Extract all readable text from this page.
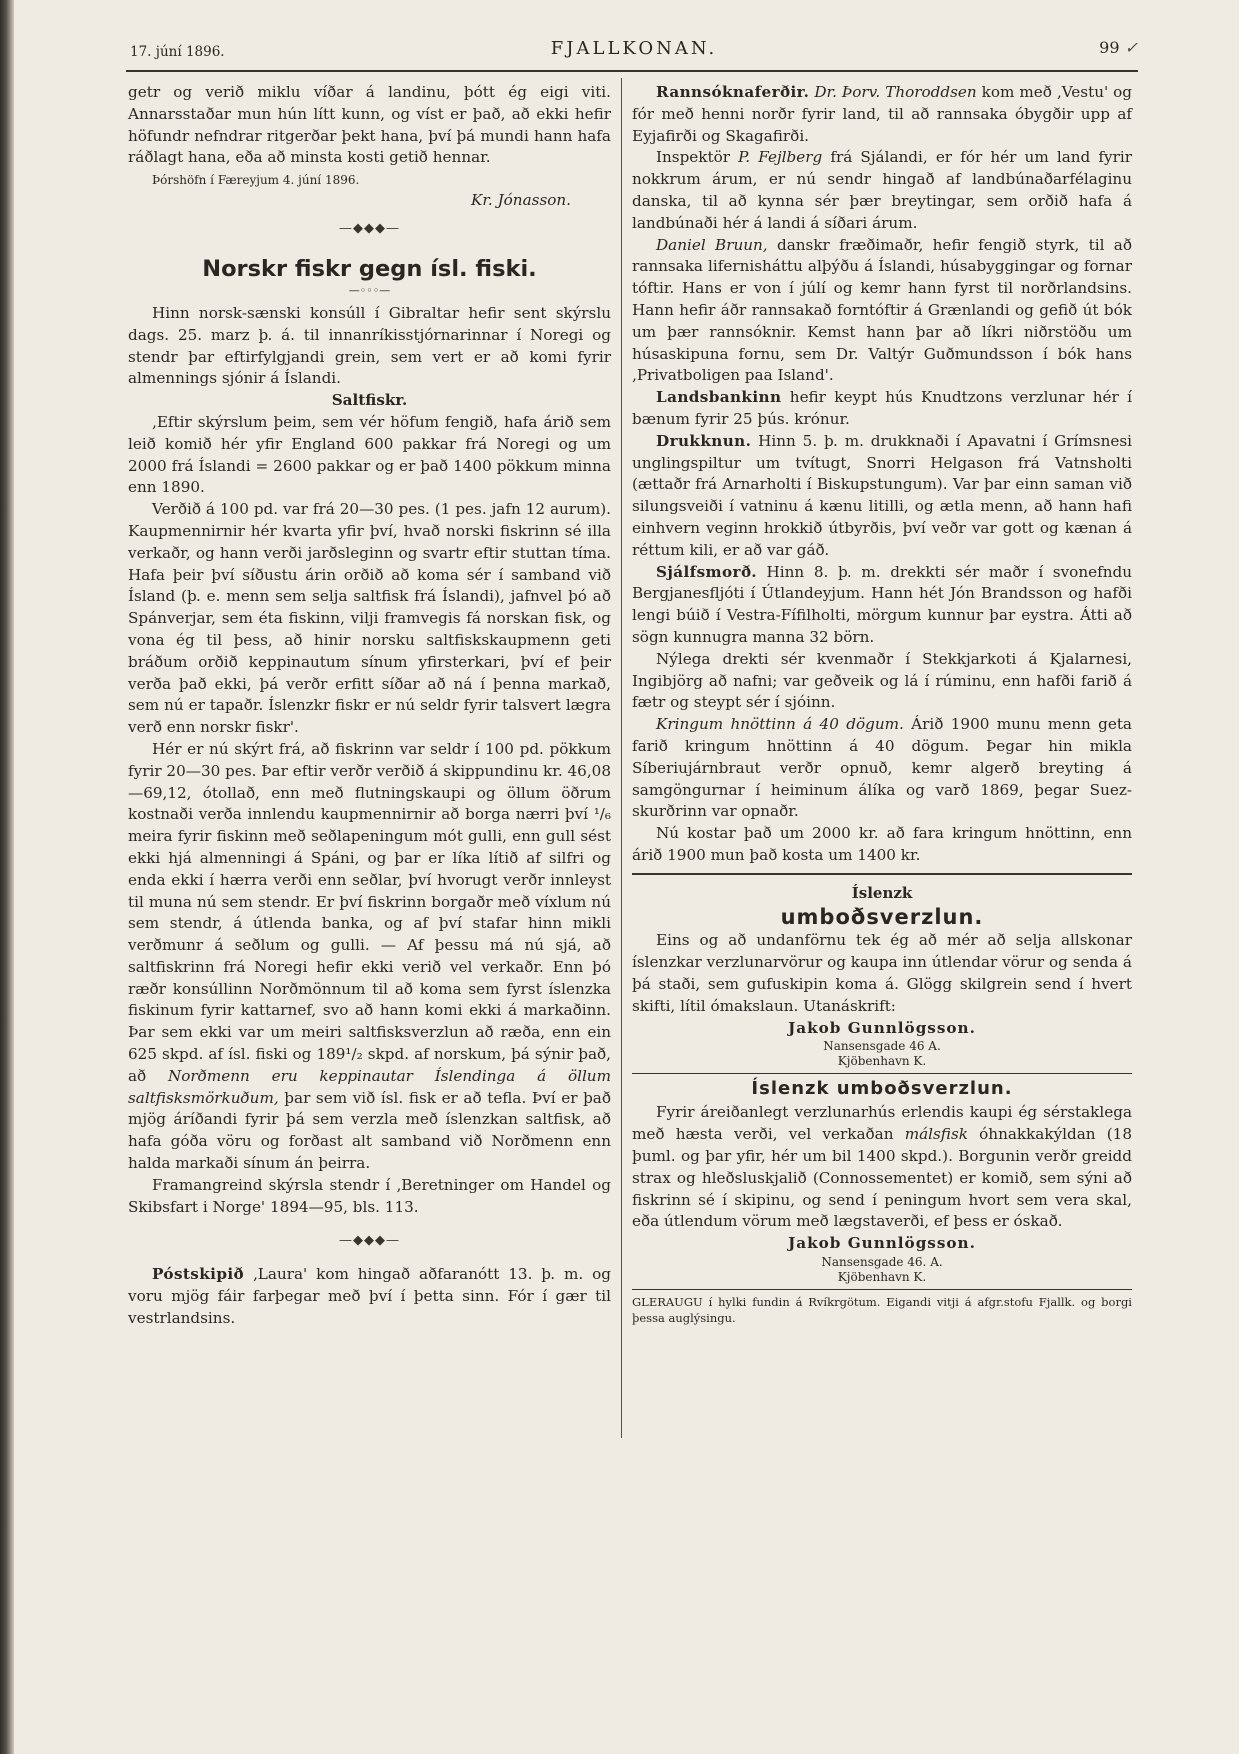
17. júní 1896.	FJALLKONAN.	99 ✓

getr og verið miklu víðar á landinu, þótt ég eigi viti. Annarsstaðar mun hún lítt kunn, og víst er það, að ekki hefir höfundr nefndrar ritgerðar þekt hana, því þá mundi hann hafa ráðlagt hana, eða að minsta kosti getið hennar.

Þórshöfn í Færeyjum 4. júní 1896.

Kr. Jónasson.

—◆◆◆—

Norskr fiskr gegn ísl. fiski.

—◦◦◦—

Hinn norsk-sænski konsúll í Gibraltar hefir sent skýrslu dags. 25. marz þ. á. til innanríkisstjórnarinnar í Noregi og stendr þar eftirfylgjandi grein, sem vert er að komi fyrir almennings sjónir á Íslandi.

Saltfiskr.

‚Eftir skýrslum þeim, sem vér höfum fengið, hafa árið sem leið komið hér yfir England 600 pakkar frá Noregi og um 2000 frá Íslandi = 2600 pakkar og er það 1400 pökkum minna enn 1890.

Verðið á 100 pd. var frá 20—30 pes. (1 pes. jafn 12 aurum). Kaupmennirnir hér kvarta yfir því, hvað norski fiskrinn sé illa verkaðr, og hann verði jarðsleginn og svartr eftir stuttan tíma. Hafa þeir því síðustu árin orðið að koma sér í samband við Ísland (þ. e. menn sem selja saltfisk frá Íslandi), jafnvel þó að Spánverjar, sem éta fiskinn, vilji framvegis fá norskan fisk, og vona ég til þess, að hinir norsku saltfiskskaupmenn geti bráðum orðið keppinautum sínum yfirsterkari, því ef þeir verða það ekki, þá verðr erfitt síðar að ná í þenna markað, sem nú er tapaðr. Íslenzkr fiskr er nú seldr fyrir talsvert lægra verð enn norskr fiskr'.

Hér er nú skýrt frá, að fiskrinn var seldr í 100 pd. pökkum fyrir 20—30 pes. Þar eftir verðr verðið á skippundinu kr. 46,08—69,12, ótollað, enn með flutningskaupi og öllum öðrum kostnaði verða innlendu kaupmennirnir að borga nærri því ¹/₆ meira fyrir fiskinn með seðlapeningum mót gulli, enn gull sést ekki hjá almenningi á Spáni, og þar er líka lítið af silfri og enda ekki í hærra verði enn seðlar, því hvorugt verðr innleyst til muna nú sem stendr. Er því fiskrinn borgaðr með víxlum nú sem stendr, á útlenda banka, og af því stafar hinn mikli verðmunr á seðlum og gulli. — Af þessu má nú sjá, að saltfiskrinn frá Noregi hefir ekki verið vel verkaðr. Enn þó ræðr konsúllinn Norðmönnum til að koma sem fyrst íslenzka fiskinum fyrir kattarnef, svo að hann komi ekki á markaðinn. Þar sem ekki var um meiri saltfisksverzlun að ræða, enn ein 625 skpd. af ísl. fiski og 189¹/₂ skpd. af norskum, þá sýnir það, að Norðmenn eru keppinautar Íslendinga á öllum saltfisksmörkuðum, þar sem við ísl. fisk er að tefla. Því er það mjög áríðandi fyrir þá sem verzla með íslenzkan saltfisk, að hafa góða vöru og forðast alt samband við Norðmenn enn halda markaði sínum án þeirra.

Framangreind skýrsla stendr í ‚Beretninger om Handel og Skibsfart i Norge' 1894—95, bls. 113.

—◆◆◆—

Póstskipið ‚Laura' kom hingað aðfaranótt 13. þ. m. og voru mjög fáir farþegar með því í þetta sinn. Fór í gær til vestrlandsins.

Rannsóknaferðir. Dr. Þorv. Thoroddsen kom með ‚Vestu' og fór með henni norðr fyrir land, til að rannsaka óbygðir upp af Eyjafirði og Skagafirði.

Inspektör P. Fejlberg frá Sjálandi, er fór hér um land fyrir nokkrum árum, er nú sendr hingað af landbúnaðarfélaginu danska, til að kynna sér þær breytingar, sem orðið hafa á landbúnaði hér á landi á síðari árum.

Daniel Bruun, danskr fræðimaðr, hefir fengið styrk, til að rannsaka lifernisháttu alþýðu á Íslandi, húsabyggingar og fornar tóftir. Hans er von í júlí og kemr hann fyrst til norðrlandsins. Hann hefir áðr rannsakað forntóftir á Grænlandi og gefið út bók um þær rannsóknir. Kemst hann þar að líkri niðrstöðu um húsaskipuna fornu, sem Dr. Valtýr Guðmundsson í bók hans ‚Privatboligen paa Island'.

Landsbankinn hefir keypt hús Knudtzons verzlunar hér í bænum fyrir 25 þús. krónur.

Drukknun. Hinn 5. þ. m. drukknaði í Apavatni í Grímsnesi unglingspiltur um tvítugt, Snorri Helgason frá Vatnsholti (ættaðr frá Arnarholti í Biskupstungum). Var þar einn saman við silungsveiði í vatninu á kænu litilli, og ætla menn, að hann hafi einhvern veginn hrokkið útbyrðis, því veðr var gott og kænan á réttum kili, er að var gáð.

Sjálfsmorð. Hinn 8. þ. m. drekkti sér maðr í svonefndu Bergjanesfljóti í Útlandeyjum. Hann hét Jón Brandsson og hafði lengi búið í Vestra-Fífilholti, mörgum kunnur þar eystra. Átti að sögn kunnugra manna 32 börn.

Nýlega drekti sér kvenmaðr í Stekkjarkoti á Kjalarnesi, Ingibjörg að nafni; var geðveik og lá í rúminu, enn hafði farið á fætr og steypt sér í sjóinn.

Kringum hnöttinn á 40 dögum. Árið 1900 munu menn geta farið kringum hnöttinn á 40 dögum. Þegar hin mikla Síberiujárnbraut verðr opnuð, kemr algerð breyting á samgöngurnar í heiminum álíka og varð 1869, þegar Suez-skurðrinn var opnaðr.

Nú kostar það um 2000 kr. að fara kringum hnöttinn, enn árið 1900 mun það kosta um 1400 kr.

Íslenzk

umboðsverzlun.

Eins og að undanförnu tek ég að mér að selja allskonar íslenzkar verzlunarvörur og kaupa inn útlendar vörur og senda á þá staði, sem gufuskipin koma á. Glögg skilgrein send í hvert skifti, lítil ómakslaun. Utanáskrift:

Jakob Gunnlögsson.

Nansensgade 46 A.

Kjöbenhavn K.

Íslenzk umboðsverzlun.

Fyrir áreiðanlegt verzlunarhús erlendis kaupi ég sérstaklega með hæsta verði, vel verkaðan málsfisk óhnakkakýldan (18 þuml. og þar yfir, hér um bil 1400 skpd.). Borgunin verðr greidd strax og hleðsluskjalið (Connossementet) er komið, sem sýni að fiskrinn sé í skipinu, og send í peningum hvort sem vera skal, eða útlendum vörum með lægstaverði, ef þess er óskað.

Jakob Gunnlögsson.

Nansensgade 46. A.

Kjöbenhavn K.

GLERAUGU í hylki fundin á Rvíkrgötum. Eigandi vitji á afgr.stofu Fjallk. og borgi þessa auglýsingu.
